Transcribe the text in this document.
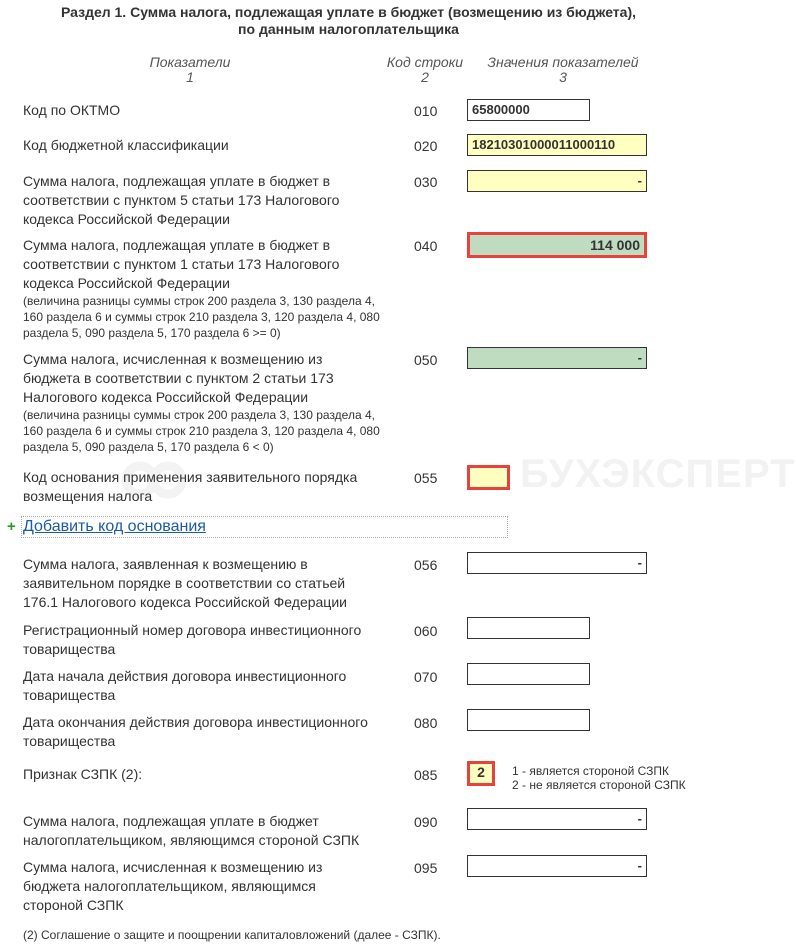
БУХЭКСПЕРТ
Раздел 1. Сумма налога, подлежащая уплате в бюджет (возмещению из бюджета),
по данным налогоплательщика
Показатели
1
Код строки
2
Значения показателей
3
Код по ОКТМО	010	65800000
Код бюджетной классификации	020	18210301000011000110
Сумма налога, подлежащая уплате в бюджет в соответствии с пунктом 5 статьи 173 Налогового кодекса Российской Федерации
030	-
Сумма налога, подлежащая уплате в бюджет в соответствии с пунктом 1 статьи 173 Налогового кодекса Российской Федерации
(величина разницы суммы строк 200 раздела 3, 130 раздела 4, 160 раздела 6 и суммы строк 210 раздела 3, 120 раздела 4, 080 раздела 5, 090 раздела 5, 170 раздела 6 >= 0)
040	114 000
Сумма налога, исчисленная к возмещению из бюджета в соответствии с пунктом 2 статьи 173 Налогового кодекса Российской Федерации
(величина разницы суммы строк 200 раздела 3, 130 раздела 4, 160 раздела 6 и суммы строк 210 раздела 3, 120 раздела 4, 080 раздела 5, 090 раздела 5, 170 раздела 6 < 0)
050	-
Код основания применения заявительного порядка возмещения налога
055
+ Добавить код основания
Сумма налога, заявленная к возмещению в заявительном порядке в соответствии со статьей 176.1 Налогового кодекса Российской Федерации
056	-
Регистрационный номер договора инвестиционного товарищества
060
Дата начала действия договора инвестиционного товарищества
070
Дата окончания действия договора инвестиционного товарищества
080
Признак СЗПК (2):	085	2	1 - является стороной СЗПК
2 - не является стороной СЗПК
Сумма налога, подлежащая уплате в бюджет налогоплательщиком, являющимся стороной СЗПК
090	-
Сумма налога, исчисленная к возмещению из бюджета налогоплательщиком, являющимся стороной СЗПК
095	-
(2) Соглашение о защите и поощрении капиталовложений (далее - СЗПК).
